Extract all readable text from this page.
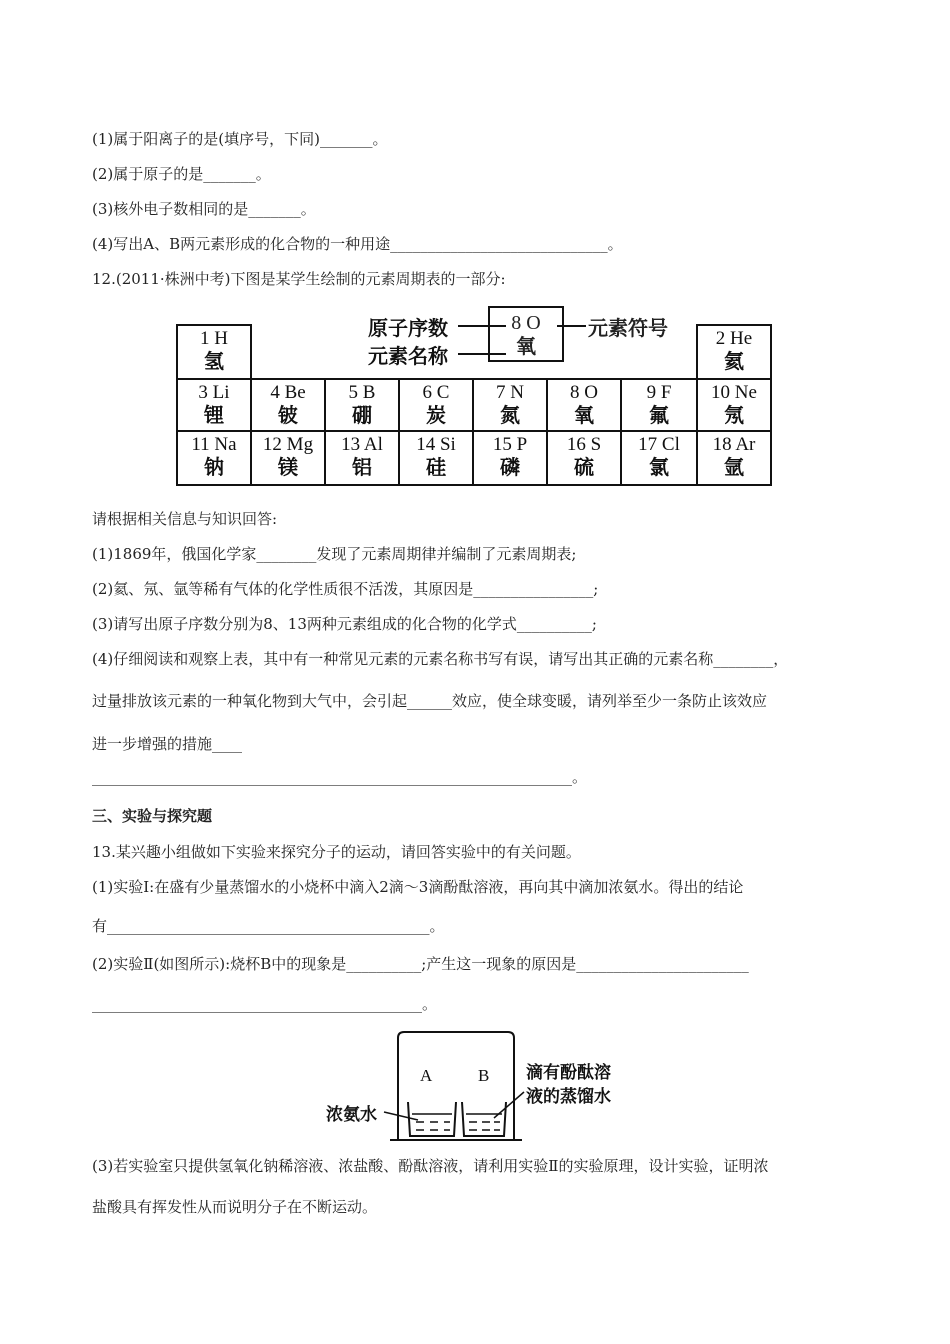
(1)属于阳离子的是(填序号，下同)_______。
(2)属于原子的是_______。
(3)核外电子数相同的是_______。
(4)写出A、B两元素形成的化合物的一种用途_____________________________。
12.(2011·株洲中考)下图是某学生绘制的元素周期表的一部分:
原子序数
元素名称
8 O
氧
元素符号
1 H
氢
2 He
氦
3 Li
锂
4 Be
铍
5 B
硼
6 C
炭
7 N
氮
8 O
氧
9 F
氟
10 Ne
氖
11 Na
钠
12 Mg
镁
13 Al
铝
14 Si
硅
15 P
磷
16 S
硫
17 Cl
氯
18 Ar
氩
请根据相关信息与知识回答:
(1)1869年，俄国化学家________发现了元素周期律并编制了元素周期表;
(2)氦、氖、氩等稀有气体的化学性质很不活泼，其原因是________________;
(3)请写出原子序数分别为8、13两种元素组成的化合物的化学式__________;
(4)仔细阅读和观察上表，其中有一种常见元素的元素名称书写有误，请写出其正确的元素名称________，
过量排放该元素的一种氧化物到大气中，会引起______效应，使全球变暖，请列举至少一条防止该效应
进一步增强的措施____
________________________________________________________________。
三、实验与探究题
13.某兴趣小组做如下实验来探究分子的运动，请回答实验中的有关问题。
(1)实验Ⅰ:在盛有少量蒸馏水的小烧杯中滴入2滴～3滴酚酞溶液，再向其中滴加浓氨水。得出的结论
有___________________________________________。
(2)实验Ⅱ(如图所示):烧杯B中的现象是__________;产生这一现象的原因是_______________________
____________________________________________。
A	B
浓氨水
滴有酚酞溶
液的蒸馏水
(3)若实验室只提供氢氧化钠稀溶液、浓盐酸、酚酞溶液，请利用实验Ⅱ的实验原理，设计实验，证明浓
盐酸具有挥发性从而说明分子在不断运动。
